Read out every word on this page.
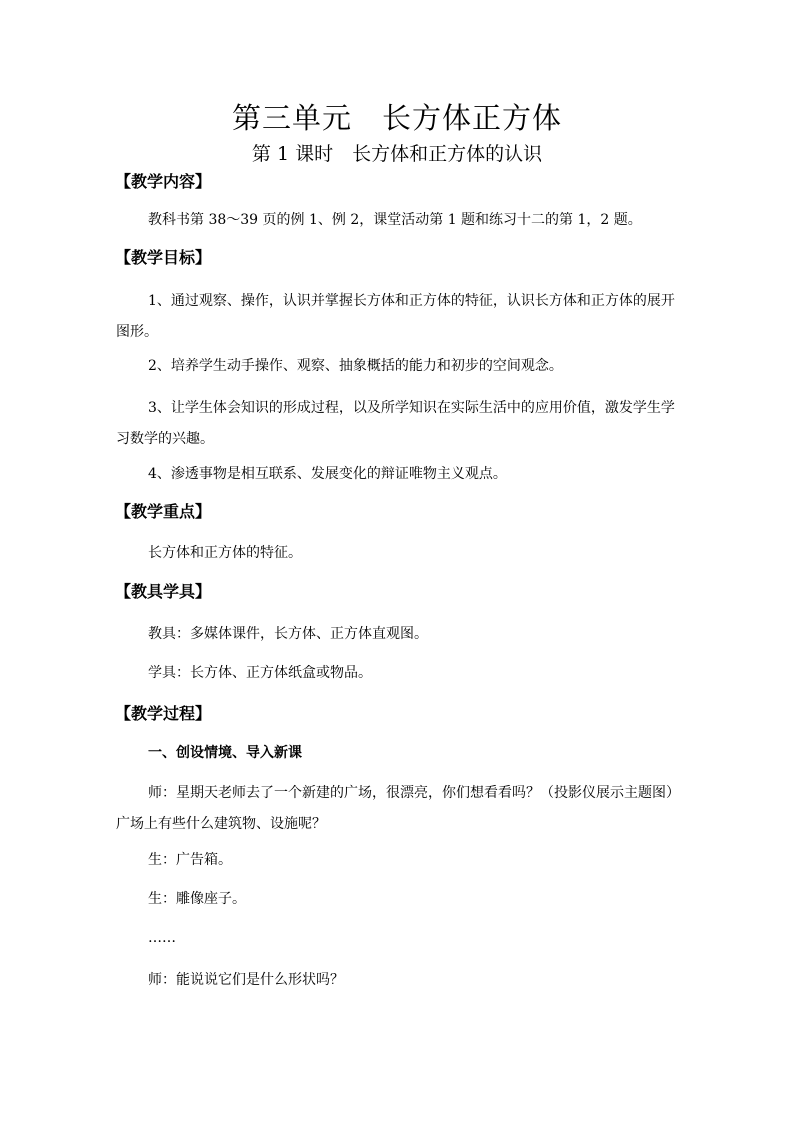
第三单元　长方体正方体
第 1 课时　长方体和正方体的认识
【教学内容】
教科书第 38～39 页的例 1、例 2，课堂活动第 1 题和练习十二的第 1，2 题。
【教学目标】
1、通过观察、操作，认识并掌握长方体和正方体的特征，认识长方体和正方体的展开图形。
2、培养学生动手操作、观察、抽象概括的能力和初步的空间观念。
3、让学生体会知识的形成过程，以及所学知识在实际生活中的应用价值，激发学生学习数学的兴趣。
4、渗透事物是相互联系、发展变化的辩证唯物主义观点。
【教学重点】
长方体和正方体的特征。
【教具学具】
教具：多媒体课件，长方体、正方体直观图。
学具：长方体、正方体纸盒或物品。
【教学过程】
一、创设情境、导入新课
师：星期天老师去了一个新建的广场，很漂亮，你们想看看吗？（投影仪展示主题图）广场上有些什么建筑物、设施呢？
生：广告箱。
生：雕像座子。
……
师：能说说它们是什么形状吗？
